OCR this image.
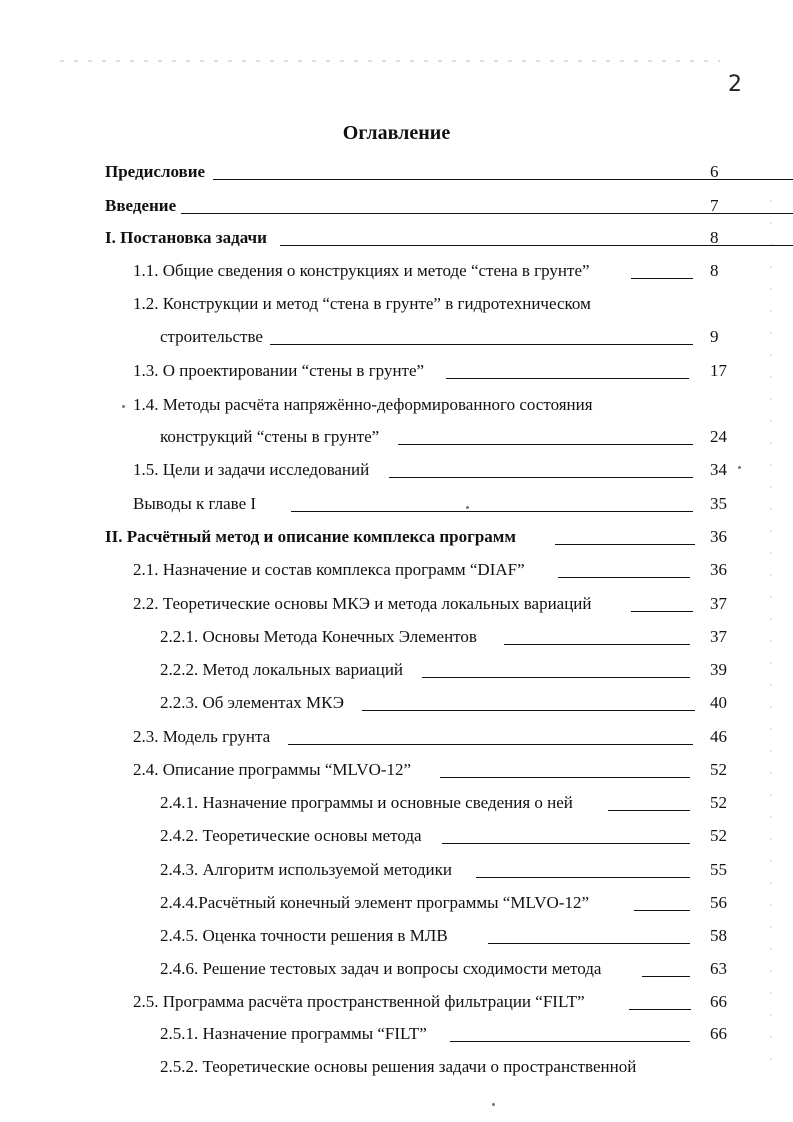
2
Оглавление
Предисловие	6
Введение	7
I. Постановка задачи	8
1.1. Общие сведения о конструкциях и методе “стена в грунте”	8
1.2. Конструкции и метод “стена в грунте” в гидротехническом
строительстве	9
1.3. О проектировании “стены в грунте”	17
1.4. Методы расчёта напряжённо-деформированного состояния
конструкций “стены в грунте”	24
1.5. Цели и задачи исследований	34
Выводы к главе I	35
II. Расчётный метод и описание комплекса программ	36
2.1. Назначение и состав комплекса программ “DIAF”	36
2.2. Теоретические основы МКЭ и метода локальных вариаций	37
2.2.1. Основы Метода Конечных Элементов	37
2.2.2. Метод локальных вариаций	39
2.2.3. Об элементах МКЭ	40
2.3. Модель грунта	46
2.4. Описание программы “MLVO-12”	52
2.4.1. Назначение программы и основные сведения о ней	52
2.4.2. Теоретические основы метода	52
2.4.3. Алгоритм используемой методики	55
2.4.4.Расчётный конечный элемент программы “MLVO-12”	56
2.4.5. Оценка точности решения в МЛВ	58
2.4.6. Решение тестовых задач и вопросы сходимости метода	63
2.5. Программа расчёта пространственной фильтрации “FILT”	66
2.5.1. Назначение программы “FILT”	66
2.5.2. Теоретические основы решения задачи о пространственной
